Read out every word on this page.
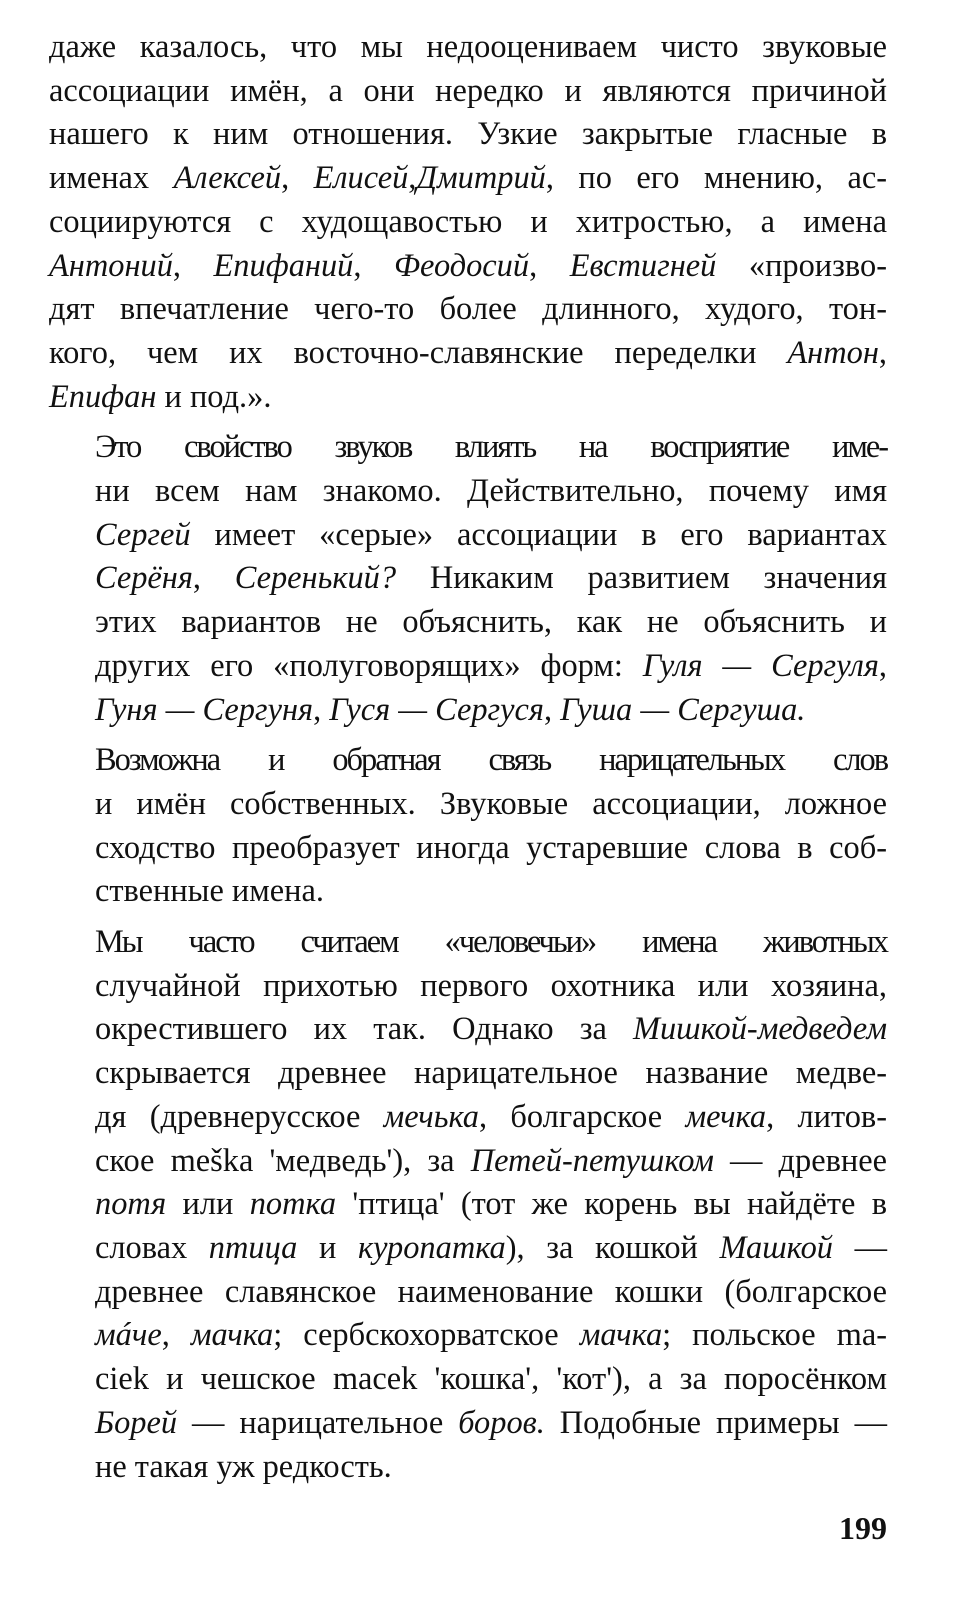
даже казалось, что мы недооцениваем чисто звуковые
ассоциации имён, а они нередко и являются причиной
нашего к ним отношения. Узкие закрытые гласные в
именах Алексей, Елисей,Дмитрий, по его мнению, ас-
социируются с худощавостью и хитростью, а имена
Антоний, Епифаний, Феодосий, Евстигней «произво-
дят впечатление чего-то более длинного, худого, тон-
кого, чем их восточно-славянские переделки Антон,
Епифан и под.».
Это свойство звуков влиять на восприятие име-
ни всем нам знакомо. Действительно, почему имя
Сергей имеет «серые» ассоциации в его вариантах
Серёня, Серенький? Никаким развитием значения
этих вариантов не объяснить, как не объяснить и
других его «полуговорящих» форм: Гуля — Сергуля,
Гуня — Сергуня, Гуся — Сергуся, Гуша — Сергуша.
Возможна и обратная связь нарицательных слов
и имён собственных. Звуковые ассоциации, ложное
сходство преобразует иногда устаревшие слова в соб-
ственные имена.
Мы часто считаем «человечьи» имена животных
случайной прихотью первого охотника или хозяина,
окрестившего их так. Однако за Мишкой-медведем
скрывается древнее нарицательное название медве-
дя (древнерусское мечька, болгарское мечка, литов-
ское meška 'медведь'), за Петей-петушком — древнее
потя или потка 'птица' (тот же корень вы найдёте в
словах птица и куропатка), за кошкой Машкой —
древнее славянское наименование кошки (болгарское
мáче, мачка; сербскохорватское мачка; польское ma-
ciek и чешское macek 'кошка', 'кот'), а за поросёнком
Борей — нарицательное боров. Подобные примеры —
не такая уж редкость.
199
